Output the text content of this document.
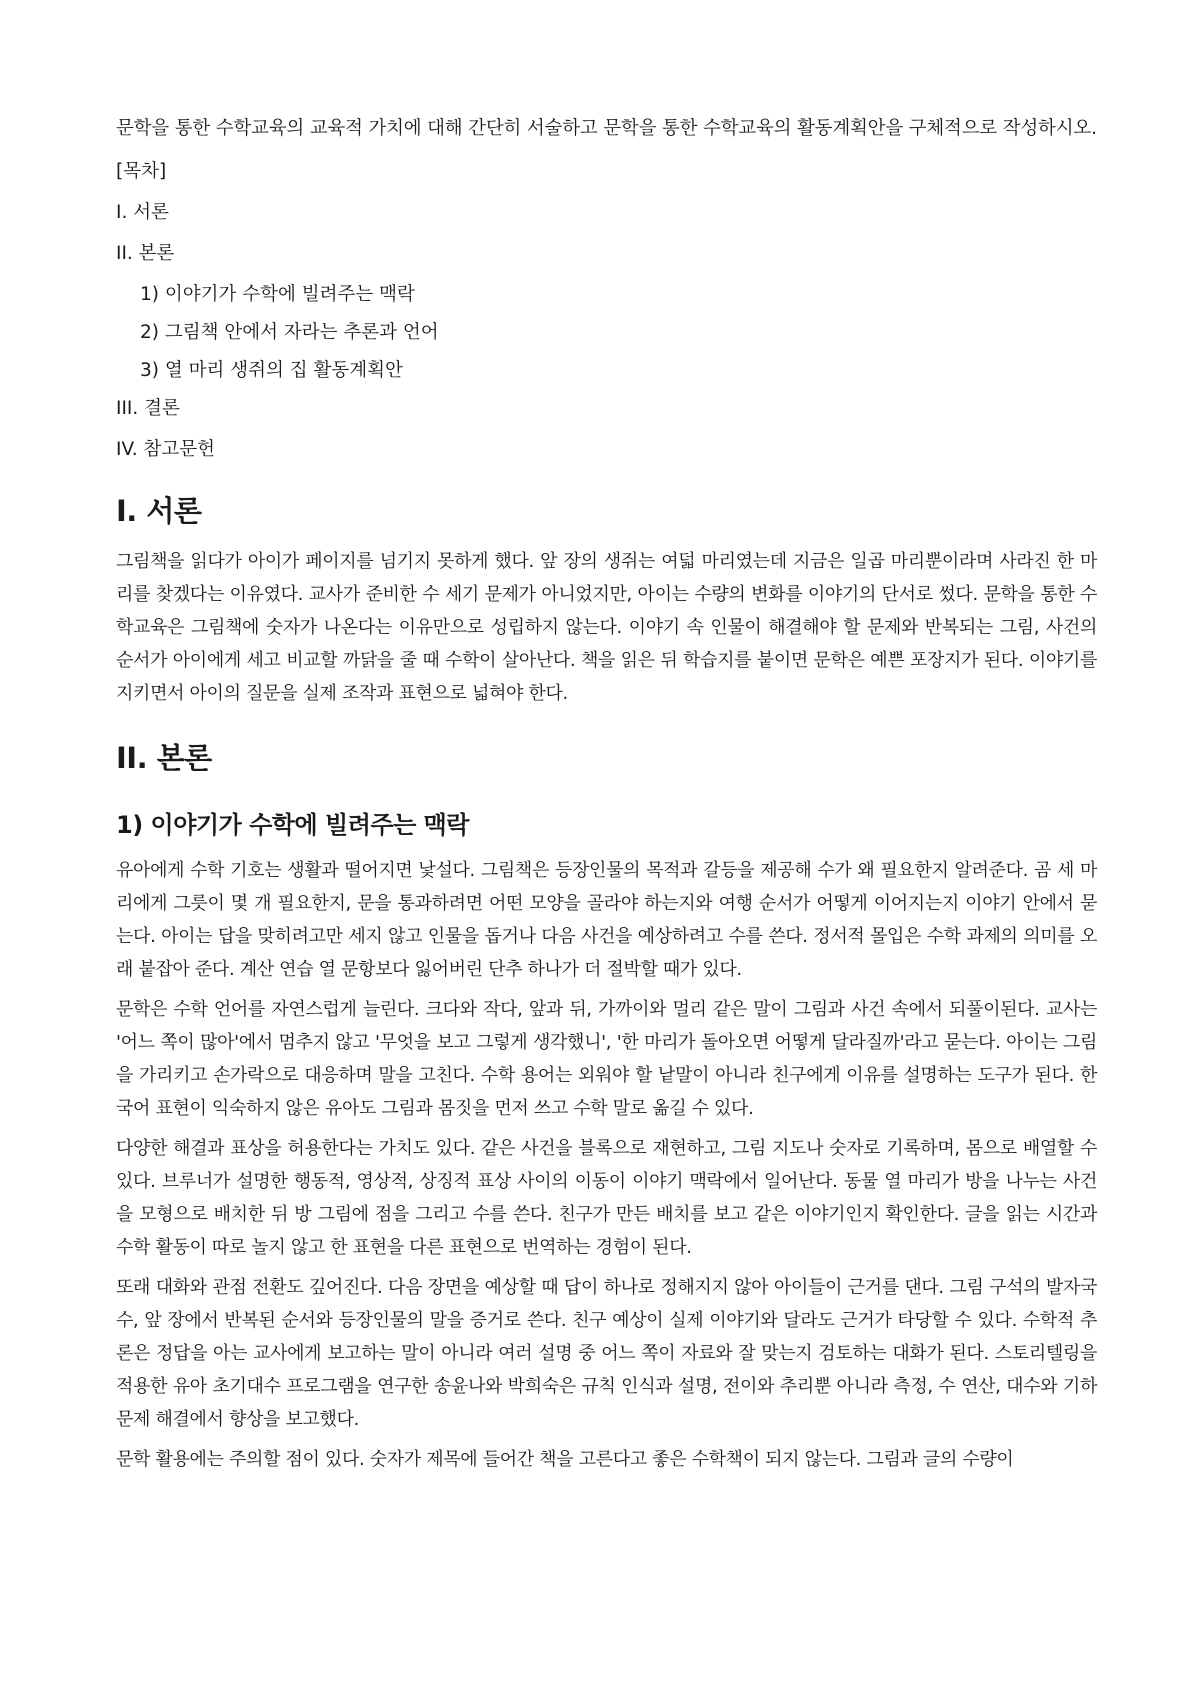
문학을 통한 수학교육의 교육적 가치에 대해 간단히 서술하고 문학을 통한 수학교육의 활동계획안을 구체적으로 작성하시오.

[목차]

I. 서론

II. 본론

1) 이야기가 수학에 빌려주는 맥락

2) 그림책 안에서 자라는 추론과 언어

3) 열 마리 생쥐의 집 활동계획안

III. 결론

IV. 참고문헌

I. 서론

그림책을 읽다가 아이가 페이지를 넘기지 못하게 했다. 앞 장의 생쥐는 여덟 마리였는데 지금은 일곱 마리뿐이라며 사라진 한 마리를 찾겠다는 이유였다. 교사가 준비한 수 세기 문제가 아니었지만, 아이는 수량의 변화를 이야기의 단서로 썼다. 문학을 통한 수학교육은 그림책에 숫자가 나온다는 이유만으로 성립하지 않는다. 이야기 속 인물이 해결해야 할 문제와 반복되는 그림, 사건의 순서가 아이에게 세고 비교할 까닭을 줄 때 수학이 살아난다. 책을 읽은 뒤 학습지를 붙이면 문학은 예쁜 포장지가 된다. 이야기를 지키면서 아이의 질문을 실제 조작과 표현으로 넓혀야 한다.

II. 본론
1) 이야기가 수학에 빌려주는 맥락

유아에게 수학 기호는 생활과 떨어지면 낯설다. 그림책은 등장인물의 목적과 갈등을 제공해 수가 왜 필요한지 알려준다. 곰 세 마리에게 그릇이 몇 개 필요한지, 문을 통과하려면 어떤 모양을 골라야 하는지와 여행 순서가 어떻게 이어지는지 이야기 안에서 묻는다. 아이는 답을 맞히려고만 세지 않고 인물을 돕거나 다음 사건을 예상하려고 수를 쓴다. 정서적 몰입은 수학 과제의 의미를 오래 붙잡아 준다. 계산 연습 열 문항보다 잃어버린 단추 하나가 더 절박할 때가 있다.

문학은 수학 언어를 자연스럽게 늘린다. 크다와 작다, 앞과 뒤, 가까이와 멀리 같은 말이 그림과 사건 속에서 되풀이된다. 교사는 '어느 쪽이 많아'에서 멈추지 않고 '무엇을 보고 그렇게 생각했니', '한 마리가 돌아오면 어떻게 달라질까'라고 묻는다. 아이는 그림을 가리키고 손가락으로 대응하며 말을 고친다. 수학 용어는 외워야 할 낱말이 아니라 친구에게 이유를 설명하는 도구가 된다. 한국어 표현이 익숙하지 않은 유아도 그림과 몸짓을 먼저 쓰고 수학 말로 옮길 수 있다.

다양한 해결과 표상을 허용한다는 가치도 있다. 같은 사건을 블록으로 재현하고, 그림 지도나 숫자로 기록하며, 몸으로 배열할 수 있다. 브루너가 설명한 행동적, 영상적, 상징적 표상 사이의 이동이 이야기 맥락에서 일어난다. 동물 열 마리가 방을 나누는 사건을 모형으로 배치한 뒤 방 그림에 점을 그리고 수를 쓴다. 친구가 만든 배치를 보고 같은 이야기인지 확인한다. 글을 읽는 시간과 수학 활동이 따로 놀지 않고 한 표현을 다른 표현으로 번역하는 경험이 된다.

또래 대화와 관점 전환도 깊어진다. 다음 장면을 예상할 때 답이 하나로 정해지지 않아 아이들이 근거를 댄다. 그림 구석의 발자국 수, 앞 장에서 반복된 순서와 등장인물의 말을 증거로 쓴다. 친구 예상이 실제 이야기와 달라도 근거가 타당할 수 있다. 수학적 추론은 정답을 아는 교사에게 보고하는 말이 아니라 여러 설명 중 어느 쪽이 자료와 잘 맞는지 검토하는 대화가 된다. 스토리텔링을 적용한 유아 초기대수 프로그램을 연구한 송윤나와 박희숙은 규칙 인식과 설명, 전이와 추리뿐 아니라 측정, 수 연산, 대수와 기하 문제 해결에서 향상을 보고했다.

문학 활용에는 주의할 점이 있다. 숫자가 제목에 들어간 책을 고른다고 좋은 수학책이 되지 않는다. 그림과 글의 수량이
